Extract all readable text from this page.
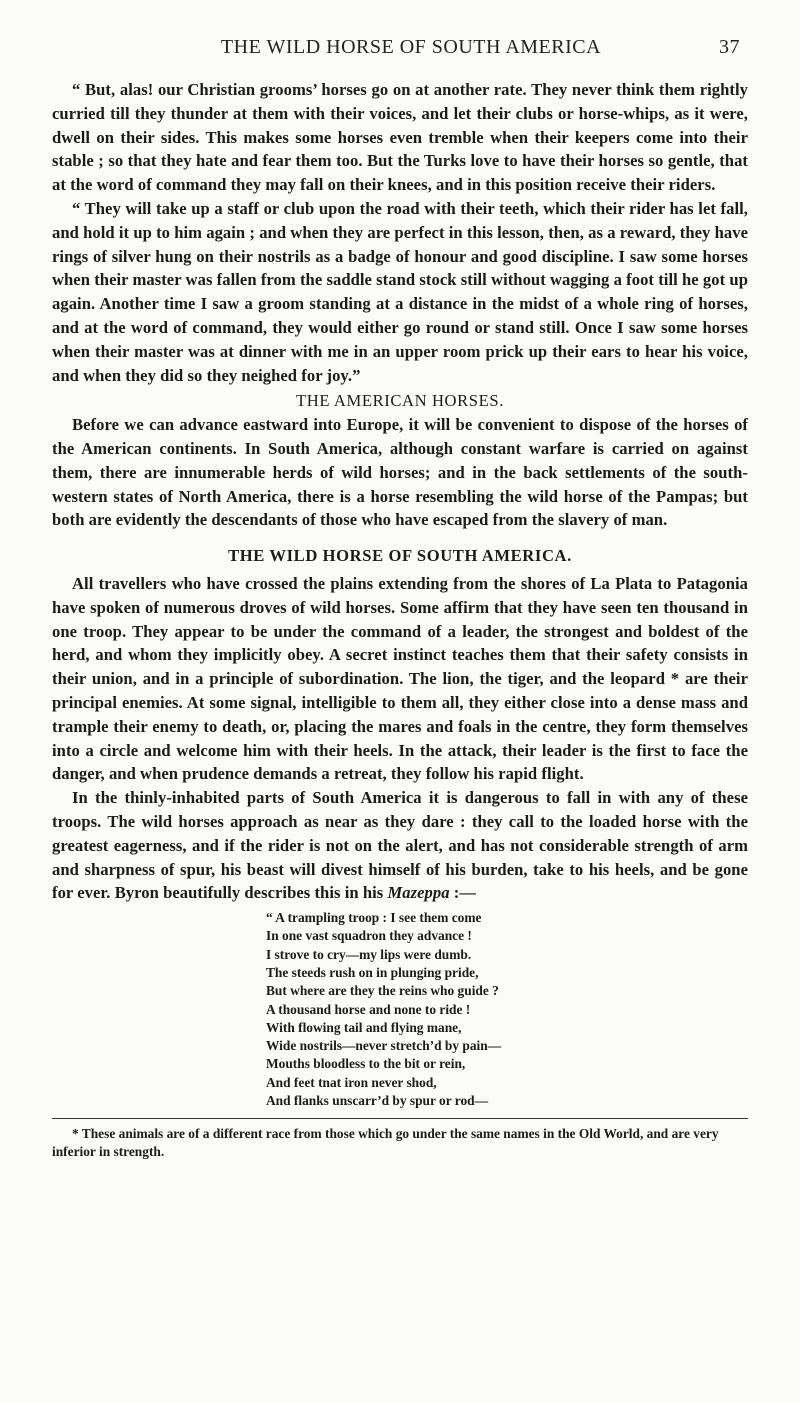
THE WILD HORSE OF SOUTH AMERICA	37

“ But, alas! our Christian grooms’ horses go on at another rate. They never think them rightly curried till they thunder at them with their voices, and let their clubs or horse-whips, as it were, dwell on their sides. This makes some horses even tremble when their keepers come into their stable ; so that they hate and fear them too. But the Turks love to have their horses so gentle, that at the word of command they may fall on their knees, and in this position receive their riders.

“ They will take up a staff or club upon the road with their teeth, which their rider has let fall, and hold it up to him again ; and when they are perfect in this lesson, then, as a reward, they have rings of silver hung on their nostrils as a badge of honour and good discipline. I saw some horses when their master was fallen from the saddle stand stock still without wagging a foot till he got up again. Another time I saw a groom standing at a distance in the midst of a whole ring of horses, and at the word of command, they would either go round or stand still. Once I saw some horses when their master was at dinner with me in an upper room prick up their ears to hear his voice, and when they did so they neighed for joy.”

THE AMERICAN HORSES.

Before we can advance eastward into Europe, it will be convenient to dispose of the horses of the American continents. In South America, although constant warfare is carried on against them, there are innumerable herds of wild horses; and in the back settlements of the south-western states of North America, there is a horse resembling the wild horse of the Pampas; but both are evidently the descendants of those who have escaped from the slavery of man.

THE WILD HORSE OF SOUTH AMERICA.

All travellers who have crossed the plains extending from the shores of La Plata to Patagonia have spoken of numerous droves of wild horses. Some affirm that they have seen ten thousand in one troop. They appear to be under the command of a leader, the strongest and boldest of the herd, and whom they implicitly obey. A secret instinct teaches them that their safety consists in their union, and in a principle of subordination. The lion, the tiger, and the leopard * are their principal enemies. At some signal, intelligible to them all, they either close into a dense mass and trample their enemy to death, or, placing the mares and foals in the centre, they form themselves into a circle and welcome him with their heels. In the attack, their leader is the first to face the danger, and when prudence demands a retreat, they follow his rapid flight.

In the thinly-inhabited parts of South America it is dangerous to fall in with any of these troops. The wild horses approach as near as they dare : they call to the loaded horse with the greatest eagerness, and if the rider is not on the alert, and has not considerable strength of arm and sharpness of spur, his beast will divest himself of his burden, take to his heels, and be gone for ever. Byron beautifully describes this in his Mazeppa :—

“ A trampling troop : I see them come
In one vast squadron they advance !
I strove to cry—my lips were dumb.
The steeds rush on in plunging pride,
But where are they the reins who guide ?
A thousand horse and none to ride !
With flowing tail and flying mane,
Wide nostrils—never stretch’d by pain—
Mouths bloodless to the bit or rein,
And feet tnat iron never shod,
And flanks unscarr’d by spur or rod—

* These animals are of a different race from those which go under the same names in the Old World, and are very inferior in strength.
